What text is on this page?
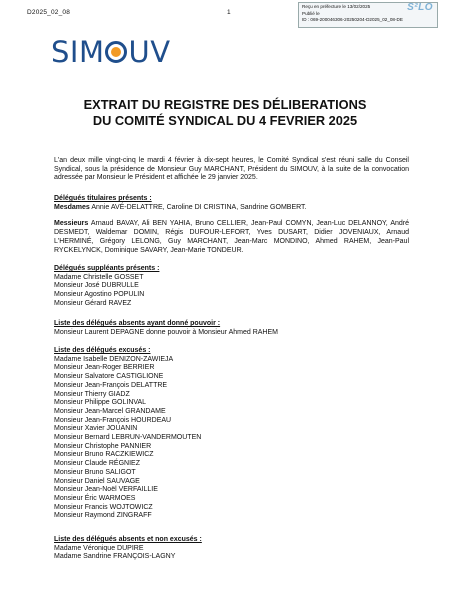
D2025_02_08	1
Reçu en préfecture le 13/02/2025
Publié le
ID : 069-200046306-20250204-D2025_02_08-DE
S²LO
SIM UV
EXTRAIT DU REGISTRE DES DÉLIBERATIONS
DU COMITÉ SYNDICAL DU 4 FEVRIER 2025
L'an deux mille vingt-cinq le mardi 4 février à dix-sept heures, le Comité Syndical s'est réuni salle du Conseil Syndical, sous la présidence de Monsieur Guy MARCHANT, Président du SIMOUV, à la suite de la convocation adressée par Monsieur le Président et affichée le 29 janvier 2025.
Délégués titulaires présents :
Mesdames Annie AVÉ-DELATTRE, Caroline DI CRISTINA, Sandrine GOMBERT.
Messieurs Arnaud BAVAY, Ali BEN YAHIA, Bruno CELLIER, Jean-Paul COMYN, Jean-Luc DELANNOY, André DESMEDT, Waldemar DOMIN, Régis DUFOUR-LEFORT, Yves DUSART, Didier JOVENIAUX, Arnaud L'HERMINÉ, Grégory LELONG, Guy MARCHANT, Jean-Marc MONDINO, Ahmed RAHEM, Jean-Paul RYCKELYNCK, Dominique SAVARY, Jean-Marie TONDEUR.
Délégués suppléants présents :
Madame Christelle GOSSET
Monsieur José DUBRULLE
Monsieur Agostino POPULIN
Monsieur Gérard RAVEZ
Liste des délégués absents ayant donné pouvoir :
Monsieur Laurent DEPAGNE donne pouvoir à Monsieur Ahmed RAHEM
Liste des délégués excusés :
Madame Isabelle DENIZON-ZAWIEJA
Monsieur Jean-Roger BERRIER
Monsieur Salvatore CASTIGLIONE
Monsieur Jean-François DELATTRE
Monsieur Thierry GIADZ
Monsieur Philippe GOLINVAL
Monsieur Jean-Marcel GRANDAME
Monsieur Jean-François HOURDEAU
Monsieur Xavier JOUANIN
Monsieur Bernard LEBRUN-VANDERMOUTEN
Monsieur Christophe PANNIER
Monsieur Bruno RACZKIEWICZ
Monsieur Claude RÉGNIEZ
Monsieur Bruno SALIGOT
Monsieur Daniel SAUVAGE
Monsieur Jean-Noël VERFAILLIE
Monsieur Éric WARMOES
Monsieur Francis WOJTOWICZ
Monsieur Raymond ZINGRAFF
Liste des délégués absents et non excusés :
Madame Véronique DUPIRE
Madame Sandrine FRANÇOIS-LAGNY
